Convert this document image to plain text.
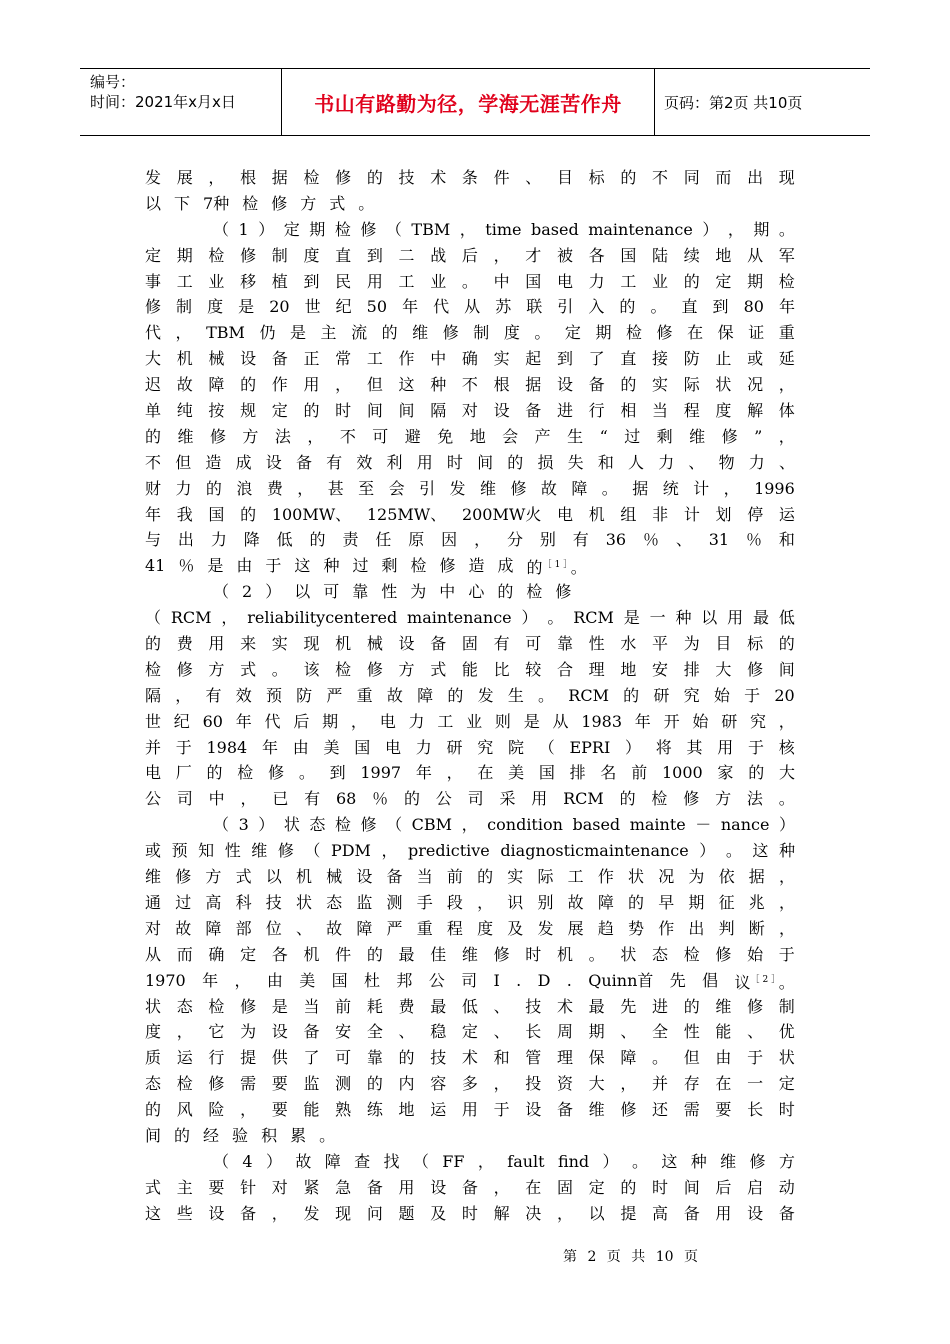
编号：
时间：2021年x月x日	书山有路勤为径，学海无涯苦作舟	页码：第2页 共10页
发 展 ， 根 据 检 修 的 技 术 条 件 、 目 标 的 不 同 而 出 现
以 下 7种 检 修 方 式 。
（ 1 ） 定 期 检 修 （ TBM ， time based maintenance ） ， 期 。
定 期 检 修 制 度 直 到 二 战 后 ， 才 被 各 国 陆 续 地 从 军
事 工 业 移 植 到 民 用 工 业 。 中 国 电 力 工 业 的 定 期 检
修 制 度 是 20 世 纪 50 年 代 从 苏 联 引 入 的 。 直 到 80 年
代 ， TBM 仍 是 主 流 的 维 修 制 度 。 定 期 检 修 在 保 证 重
大 机 械 设 备 正 常 工 作 中 确 实 起 到 了 直 接 防 止 或 延
迟 故 障 的 作 用 ， 但 这 种 不 根 据 设 备 的 实 际 状 况 ，
单 纯 按 规 定 的 时 间 间 隔 对 设 备 进 行 相 当 程 度 解 体
的 维 修 方 法 ， 不 可 避 免 地 会 产 生 “ 过 剩 维 修 ” ，
不 但 造 成 设 备 有 效 利 用 时 间 的 损 失 和 人 力 、 物 力 、
财 力 的 浪 费 ， 甚 至 会 引 发 维 修 故 障 。 据 统 计 ， 1996
年 我 国 的 100MW、 125MW、 200MW火 电 机 组 非 计 划 停 运
与 出 力 降 低 的 责 任 原 因 ， 分 别 有 36 ％ 、 31 ％ 和
41 ％ 是 由 于 这 种 过 剩 检 修 造 成 的$^{[1]}$。
（ 2 ） 以 可 靠 性 为 中 心 的 检 修
（ RCM ， reliabilitycentered maintenance ） 。 RCM 是 一 种 以 用 最 低
的 费 用 来 实 现 机 械 设 备 固 有 可 靠 性 水 平 为 目 标 的
检 修 方 式 。 该 检 修 方 式 能 比 较 合 理 地 安 排 大 修 间
隔 ， 有 效 预 防 严 重 故 障 的 发 生 。 RCM 的 研 究 始 于 20
世 纪 60 年 代 后 期 ， 电 力 工 业 则 是 从 1983 年 开 始 研 究 ，
并 于 1984 年 由 美 国 电 力 研 究 院 （ EPRI ） 将 其 用 于 核
电 厂 的 检 修 。 到 1997 年 ， 在 美 国 排 名 前 1000 家 的 大
公 司 中 ， 已 有 68 ％ 的 公 司 采 用 RCM 的 检 修 方 法 。
（ 3 ） 状 态 检 修 （ CBM ， condition based mainte － nance ）
或 预 知 性 维 修 （ PDM ， predictive diagnosticmaintenance ） 。 这 种
维 修 方 式 以 机 械 设 备 当 前 的 实 际 工 作 状 况 为 依 据 ，
通 过 高 科 技 状 态 监 测 手 段 ， 识 别 故 障 的 早 期 征 兆 ，
对 故 障 部 位 、 故 障 严 重 程 度 及 发 展 趋 势 作 出 判 断 ，
从 而 确 定 各 机 件 的 最 佳 维 修 时 机 。 状 态 检 修 始 于
1970 年 ， 由 美 国 杜 邦 公 司 I . D . Quinn首 先 倡 议$^{[2]}$。
状 态 检 修 是 当 前 耗 费 最 低 、 技 术 最 先 进 的 维 修 制
度 ， 它 为 设 备 安 全 、 稳 定 、 长 周 期 、 全 性 能 、 优
质 运 行 提 供 了 可 靠 的 技 术 和 管 理 保 障 。 但 由 于 状
态 检 修 需 要 监 测 的 内 容 多 ， 投 资 大 ， 并 存 在 一 定
的 风 险 ， 要 能 熟 练 地 运 用 于 设 备 维 修 还 需 要 长 时
间 的 经 验 积 累 。
（ 4 ） 故 障 查 找 （ FF ， fault find ） 。 这 种 维 修 方
式 主 要 针 对 紧 急 备 用 设 备 ， 在 固 定 的 时 间 后 启 动
这 些 设 备 ， 发 现 问 题 及 时 解 决 ， 以 提 高 备 用 设 备
第 2 页 共 10 页
